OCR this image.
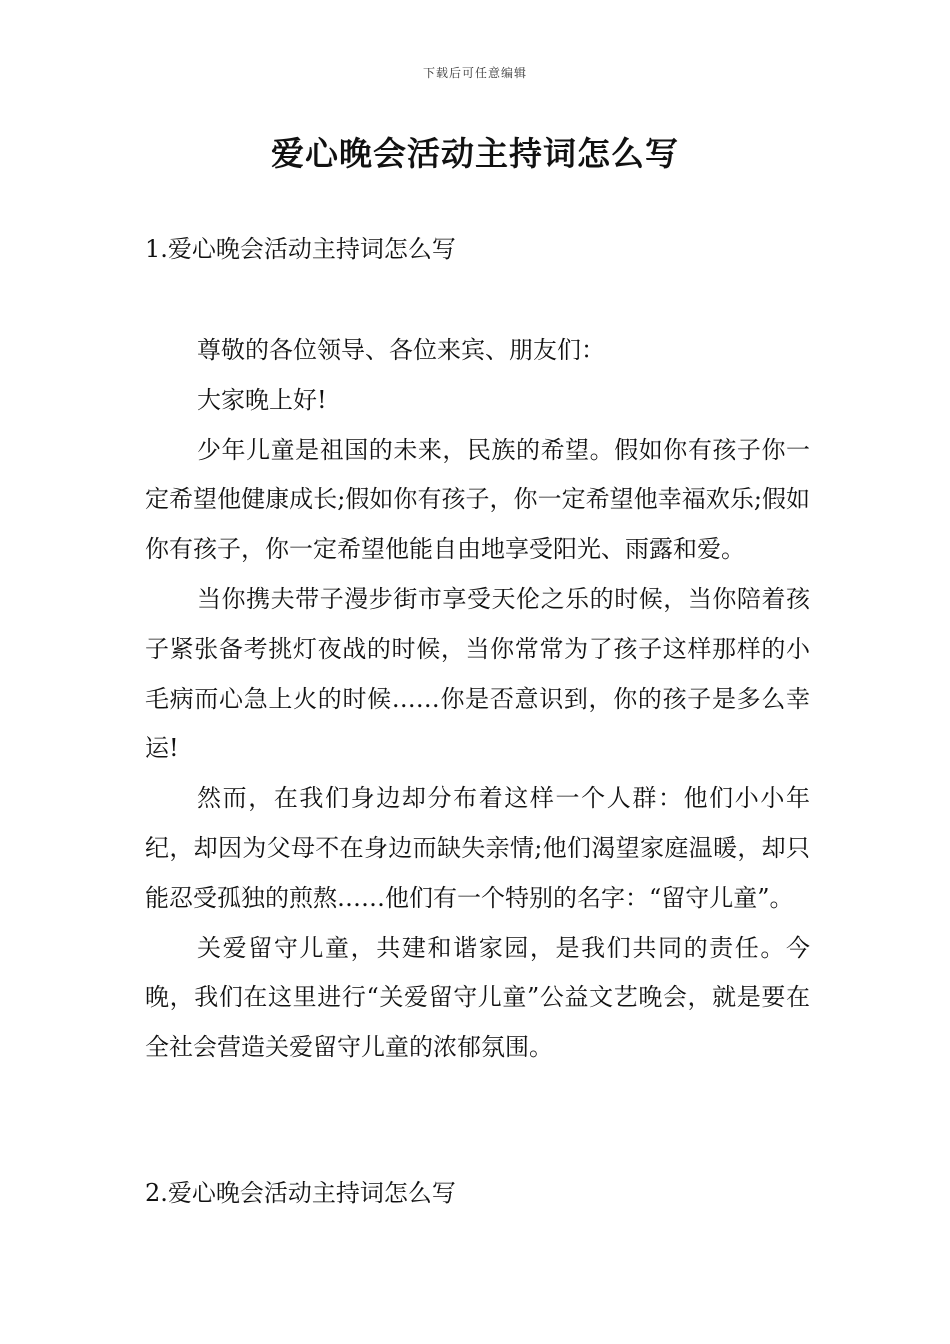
下载后可任意编辑
爱心晚会活动主持词怎么写
1.爱心晚会活动主持词怎么写

尊敬的各位领导、各位来宾、朋友们：

大家晚上好!

少年儿童是祖国的未来，民族的希望。假如你有孩子你一定希望他健康成长;假如你有孩子，你一定希望他幸福欢乐;假如你有孩子，你一定希望他能自由地享受阳光、雨露和爱。

当你携夫带子漫步街市享受天伦之乐的时候，当你陪着孩子紧张备考挑灯夜战的时候，当你常常为了孩子这样那样的小毛病而心急上火的时候……你是否意识到，你的孩子是多么幸运!

然而，在我们身边却分布着这样一个人群：他们小小年纪，却因为父母不在身边而缺失亲情;他们渴望家庭温暖，却只能忍受孤独的煎熬……他们有一个特别的名字：“留守儿童”。

关爱留守儿童，共建和谐家园，是我们共同的责任。今晚，我们在这里进行“关爱留守儿童”公益文艺晚会，就是要在全社会营造关爱留守儿童的浓郁氛围。

2.爱心晚会活动主持词怎么写
